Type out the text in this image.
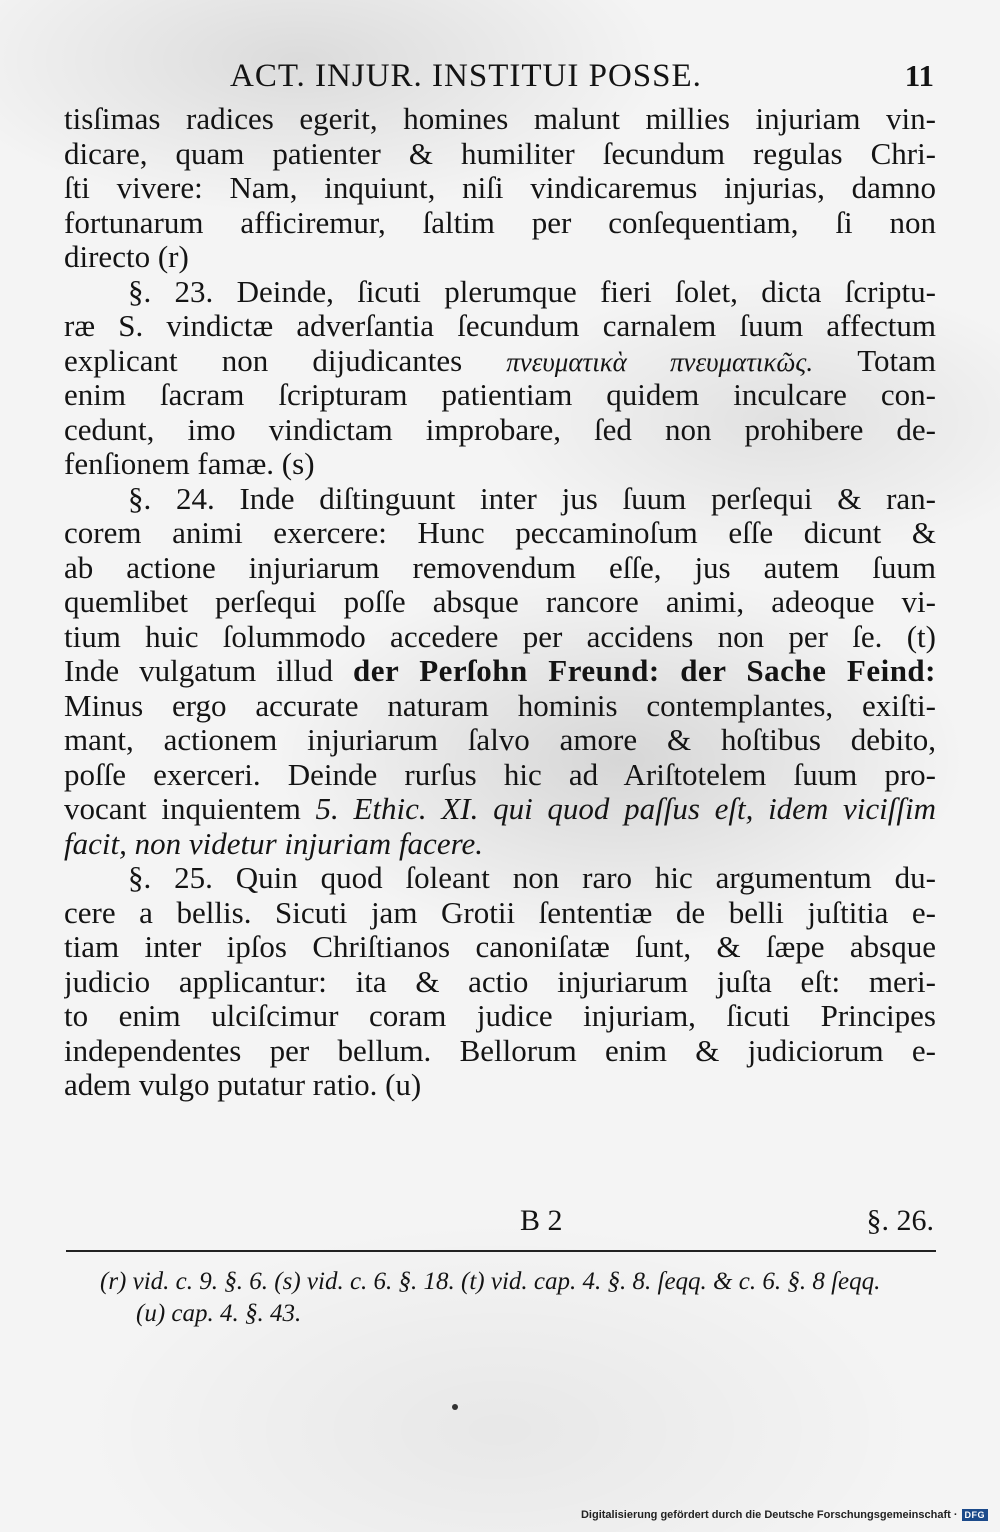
ACT. INJUR. INSTITUI POSSE.	11
tisſimas radices egerit, homines malunt millies injuriam vin-
dicare, quam patienter & humiliter ſecundum regulas Chri-
ſti vivere: Nam, inquiunt, niſi vindicaremus injurias, damno
fortunarum afficiremur, ſaltim per conſequentiam, ſi non
directo (r)
§. 23. Deinde, ſicuti plerumque fieri ſolet, dicta ſcriptu-
ræ S. vindictæ adverſantia ſecundum carnalem ſuum affectum
explicant non dijudicantes πνευματικὰ πνευματικῶς. Totam
enim ſacram ſcripturam patientiam quidem inculcare con-
cedunt, imo vindictam improbare, ſed non prohibere de-
fenſionem famæ. (s)
§. 24. Inde diſtinguunt inter jus ſuum perſequi & ran-
corem animi exercere: Hunc peccaminoſum eſſe dicunt &
ab actione injuriarum removendum eſſe, jus autem ſuum
quemlibet perſequi poſſe absque rancore animi, adeoque vi-
tium huic ſolummodo accedere per accidens non per ſe. (t)
Inde vulgatum illud der Perſohn Freund: der Sache Feind:
Minus ergo accurate naturam hominis contemplantes, exiſti-
mant, actionem injuriarum ſalvo amore & hoſtibus debito,
poſſe exerceri. Deinde rurſus hic ad Ariſtotelem ſuum pro-
vocant inquientem 5. Ethic. XI. qui quod paſſus eſt, idem viciſſim
facit, non videtur injuriam facere.
§. 25. Quin quod ſoleant non raro hic argumentum du-
cere a bellis. Sicuti jam Grotii ſententiæ de belli juſtitia e-
tiam inter ipſos Chriſtianos canoniſatæ ſunt, & ſæpe absque
judicio applicantur: ita & actio injuriarum juſta eſt: meri-
to enim ulciſcimur coram judice injuriam, ſicuti Principes
independentes per bellum. Bellorum enim & judiciorum e-
adem vulgo putatur ratio. (u)
B 2	§. 26.
(r) vid. c. 9. §. 6. (s) vid. c. 6. §. 18. (t) vid. cap. 4. §. 8. ſeqq. & c. 6. §. 8 ſeqq.
(u) cap. 4. §. 43.
Digitalisierung gefördert durch die Deutsche Forschungsgemeinschaft · DFG
